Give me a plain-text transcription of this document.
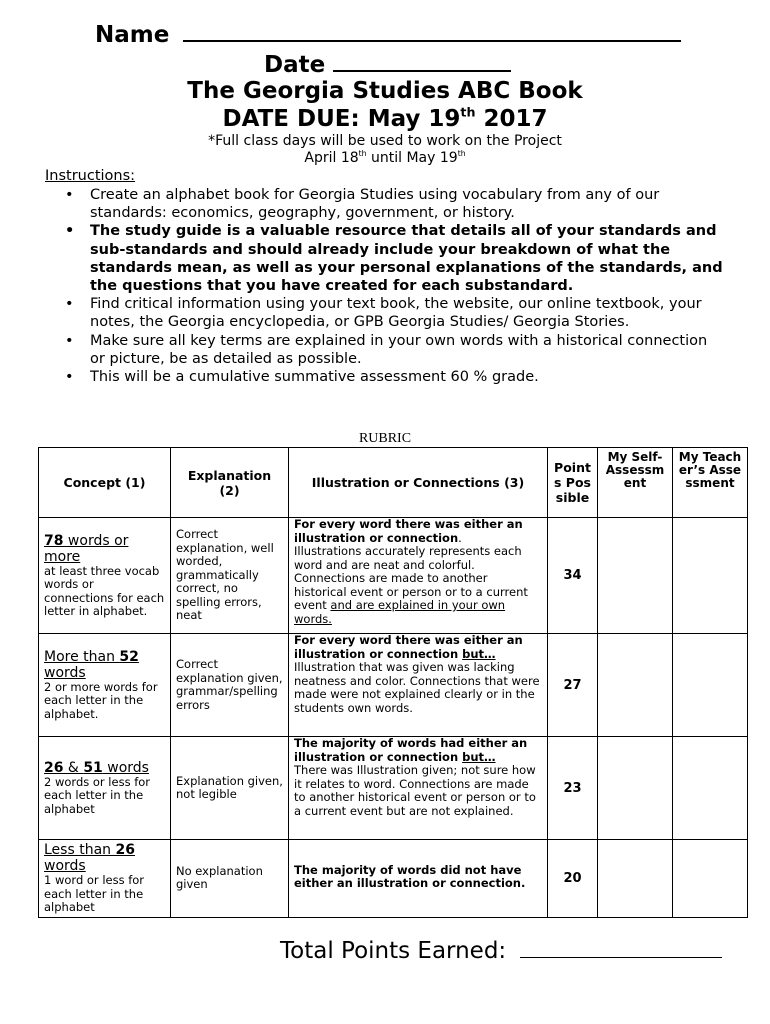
Name
Date
The Georgia Studies ABC Book
DATE DUE: May 19th 2017
*Full class days will be used to work on the Project
April 18th until May 19th
Instructions:
• Create an alphabet book for Georgia Studies using vocabulary from any of our standards: economics, geography, government, or history.
• The study guide is a valuable resource that details all of your standards and sub-standards and should already include your breakdown of what the standards mean, as well as your personal explanations of the standards, and the questions that you have created for each substandard.
• Find critical information using your text book, the website, our online textbook, your notes, the Georgia encyclopedia, or GPB Georgia Studies/ Georgia Stories.
• Make sure all key terms are explained in your own words with a historical connection or picture, be as detailed as possible.
• This will be a cumulative summative assessment 60 % grade.
RUBRIC
Concept (1)	Explanation (2)	Illustration or Connections (3)	Points Possible	My Self-Assessment	My Teacher’s Assessment

78 words or more
at least three vocab words or connections for each letter in alphabet.	Correct explanation, well worded, grammatically correct, no spelling errors, neat	For every word there was either an illustration or connection.
Illustrations accurately represents each word and are neat and colorful. Connections are made to another historical event or person or to a current event and are explained in your own words.	34		

More than 52 words
2 or more words for each letter in the alphabet.	Correct explanation given, grammar/spelling errors	For every word there was either an illustration or connection but…
Illustration that was given was lacking neatness and color. Connections that were made were not explained clearly or in the students own words.	27		

26 & 51 words
2 words or less for each letter in the alphabet	Explanation given, not legible	The majority of words had either an illustration or connection but…
There was Illustration given; not sure how it relates to word. Connections are made to another historical event or person or to a current event but are not explained.	23		

Less than 26 words
1 word or less for each letter in the alphabet	No explanation given	The majority of words did not have either an illustration or connection.	20		
Total Points Earned:
